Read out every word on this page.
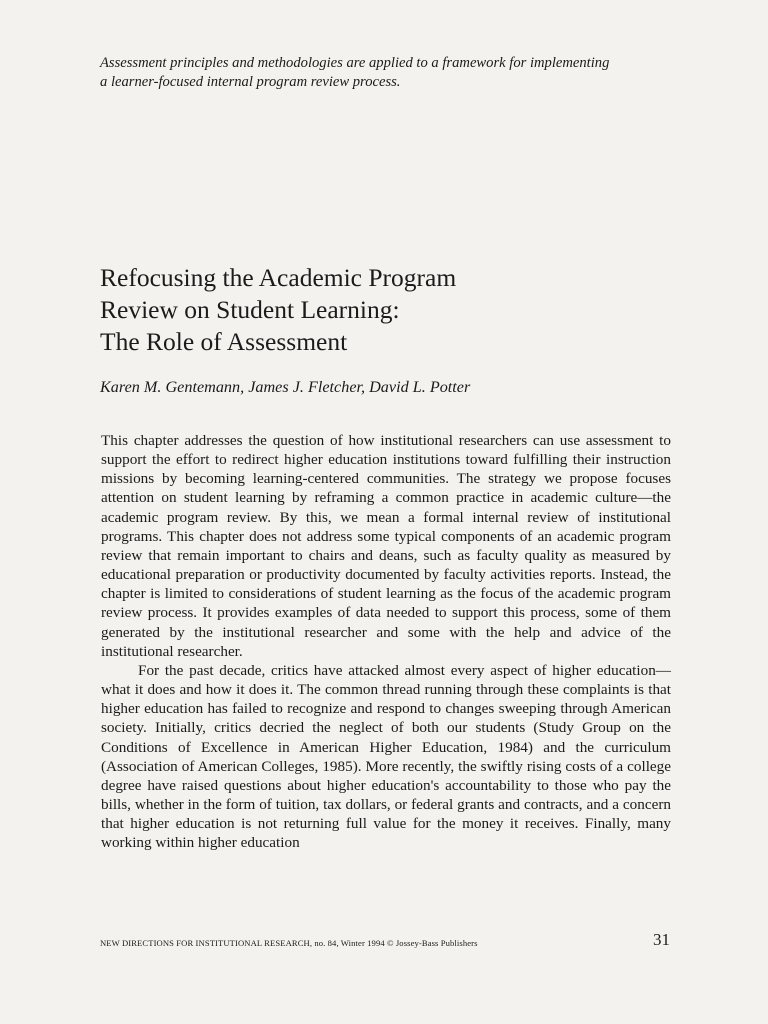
Assessment principles and methodologies are applied to a framework for implementing a learner-focused internal program review process.
Refocusing the Academic Program
Review on Student Learning:
The Role of Assessment
Karen M. Gentemann, James J. Fletcher, David L. Potter

This chapter addresses the question of how institutional researchers can use assessment to support the effort to redirect higher education institutions toward fulfilling their instruction missions by becoming learning-centered communities. The strategy we propose focuses attention on student learning by reframing a common practice in academic culture—the academic program review. By this, we mean a formal internal review of institutional programs. This chapter does not address some typical components of an academic program review that remain important to chairs and deans, such as faculty quality as measured by educational preparation or productivity documented by faculty activities reports. Instead, the chapter is limited to considerations of student learning as the focus of the academic program review process. It provides examples of data needed to support this process, some of them generated by the institutional researcher and some with the help and advice of the institutional researcher.

For the past decade, critics have attacked almost every aspect of higher education—what it does and how it does it. The common thread running through these complaints is that higher education has failed to recognize and respond to changes sweeping through American society. Initially, critics decried the neglect of both our students (Study Group on the Conditions of Excellence in American Higher Education, 1984) and the curriculum (Association of American Colleges, 1985). More recently, the swiftly rising costs of a college degree have raised questions about higher education's accountability to those who pay the bills, whether in the form of tuition, tax dollars, or federal grants and contracts, and a concern that higher education is not returning full value for the money it receives. Finally, many working within higher education

NEW DIRECTIONS FOR INSTITUTIONAL RESEARCH, no. 84, Winter 1994 © Jossey-Bass Publishers	31
